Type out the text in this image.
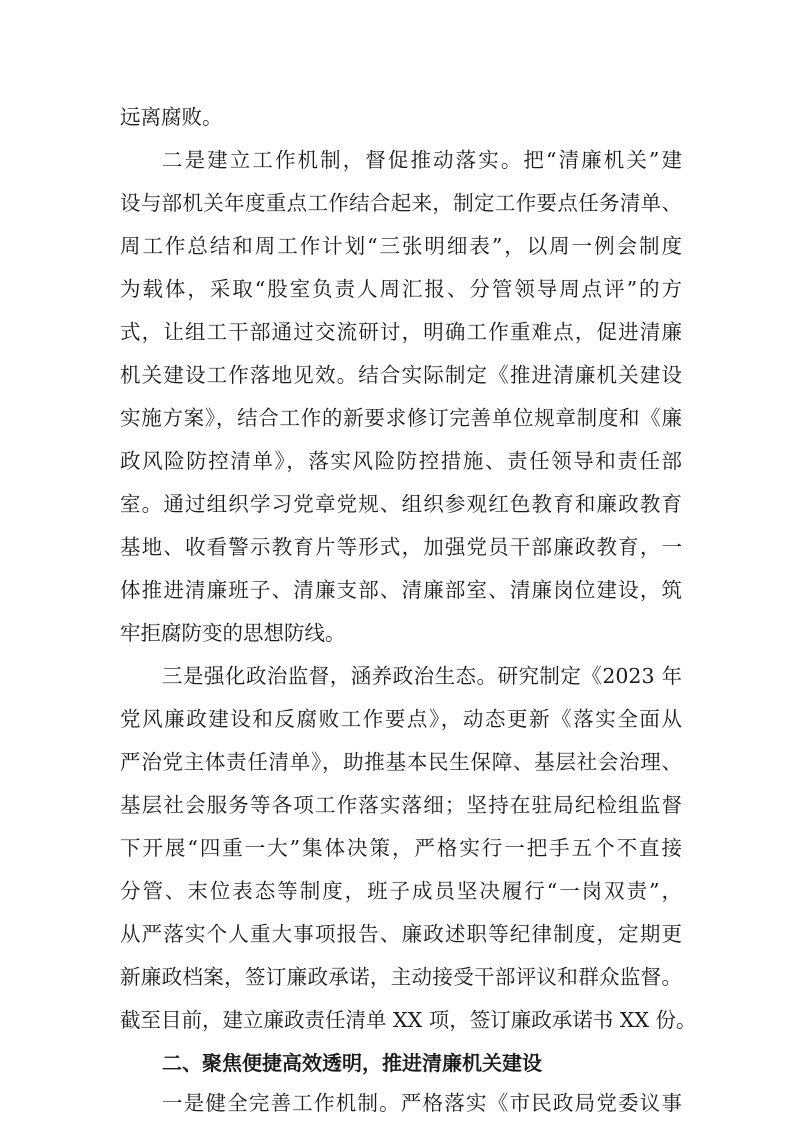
远离腐败。
二是建立工作机制，督促推动落实。把“清廉机关”建
设与部机关年度重点工作结合起来，制定工作要点任务清单、
周工作总结和周工作计划“三张明细表”，以周一例会制度
为载体，采取“股室负责人周汇报、分管领导周点评”的方
式，让组工干部通过交流研讨，明确工作重难点，促进清廉
机关建设工作落地见效。结合实际制定《推进清廉机关建设
实施方案》，结合工作的新要求修订完善单位规章制度和《廉
政风险防控清单》，落实风险防控措施、责任领导和责任部
室。通过组织学习党章党规、组织参观红色教育和廉政教育
基地、收看警示教育片等形式，加强党员干部廉政教育，一
体推进清廉班子、清廉支部、清廉部室、清廉岗位建设，筑
牢拒腐防变的思想防线。
三是强化政治监督，涵养政治生态。研究制定《2023 年
党风廉政建设和反腐败工作要点》，动态更新《落实全面从
严治党主体责任清单》，助推基本民生保障、基层社会治理、
基层社会服务等各项工作落实落细；坚持在驻局纪检组监督
下开展“四重一大”集体决策，严格实行一把手五个不直接
分管、末位表态等制度，班子成员坚决履行“一岗双责”，
从严落实个人重大事项报告、廉政述职等纪律制度，定期更
新廉政档案，签订廉政承诺，主动接受干部评议和群众监督。
截至目前，建立廉政责任清单 XX 项，签订廉政承诺书 XX 份。
二、聚焦便捷高效透明，推进清廉机关建设
一是健全完善工作机制。严格落实《市民政局党委议事
